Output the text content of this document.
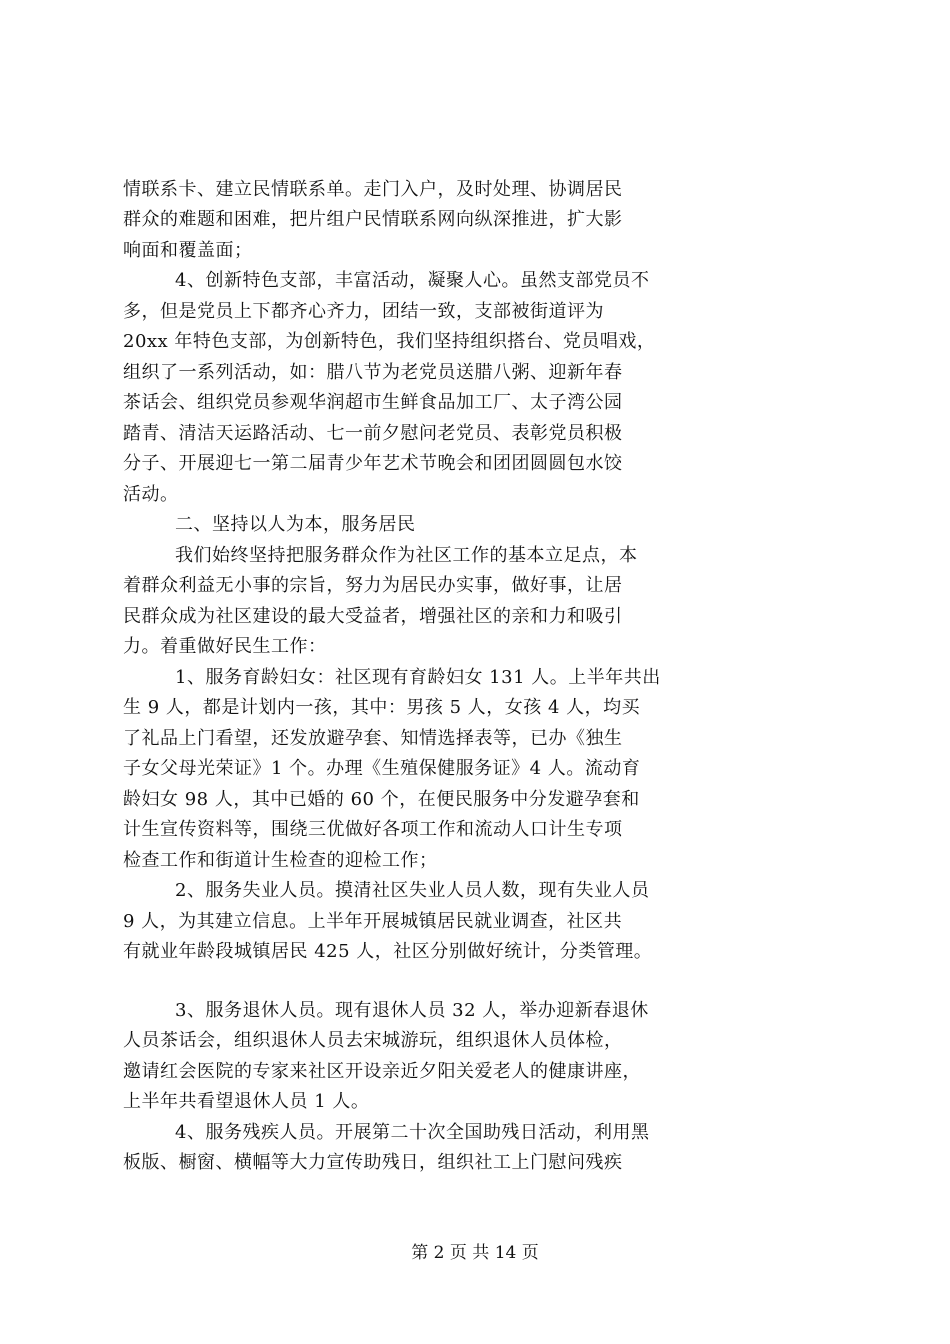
情联系卡、建立民情联系单。走门入户，及时处理、协调居民
群众的难题和困难，把片组户民情联系网向纵深推进，扩大影
响面和覆盖面；
4、创新特色支部，丰富活动，凝聚人心。虽然支部党员不
多，但是党员上下都齐心齐力，团结一致，支部被街道评为
20xx 年特色支部，为创新特色，我们坚持组织搭台、党员唱戏，
组织了一系列活动，如：腊八节为老党员送腊八粥、迎新年春
茶话会、组织党员参观华润超市生鲜食品加工厂、太子湾公园
踏青、清洁天运路活动、七一前夕慰问老党员、表彰党员积极
分子、开展迎七一第二届青少年艺术节晚会和团团圆圆包水饺
活动。
二、坚持以人为本，服务居民
我们始终坚持把服务群众作为社区工作的基本立足点，本
着群众利益无小事的宗旨，努力为居民办实事，做好事，让居
民群众成为社区建设的最大受益者，增强社区的亲和力和吸引
力。着重做好民生工作：
1、服务育龄妇女：社区现有育龄妇女 131 人。上半年共出
生 9 人，都是计划内一孩，其中：男孩 5 人，女孩 4 人，均买
了礼品上门看望，还发放避孕套、知情选择表等，已办《独生
子女父母光荣证》1 个。办理《生殖保健服务证》4 人。流动育
龄妇女 98 人，其中已婚的 60 个，在便民服务中分发避孕套和
计生宣传资料等，围绕三优做好各项工作和流动人口计生专项
检查工作和街道计生检查的迎检工作；
2、服务失业人员。摸清社区失业人员人数，现有失业人员
9 人，为其建立信息。上半年开展城镇居民就业调查，社区共
有就业年龄段城镇居民 425 人，社区分别做好统计，分类管理。
3、服务退休人员。现有退休人员 32 人，举办迎新春退休
人员茶话会，组织退休人员去宋城游玩，组织退休人员体检，
邀请红会医院的专家来社区开设亲近夕阳关爱老人的健康讲座，
上半年共看望退休人员 1 人。
4、服务残疾人员。开展第二十次全国助残日活动，利用黑
板版、橱窗、横幅等大力宣传助残日，组织社工上门慰问残疾
第 2 页 共 14 页
